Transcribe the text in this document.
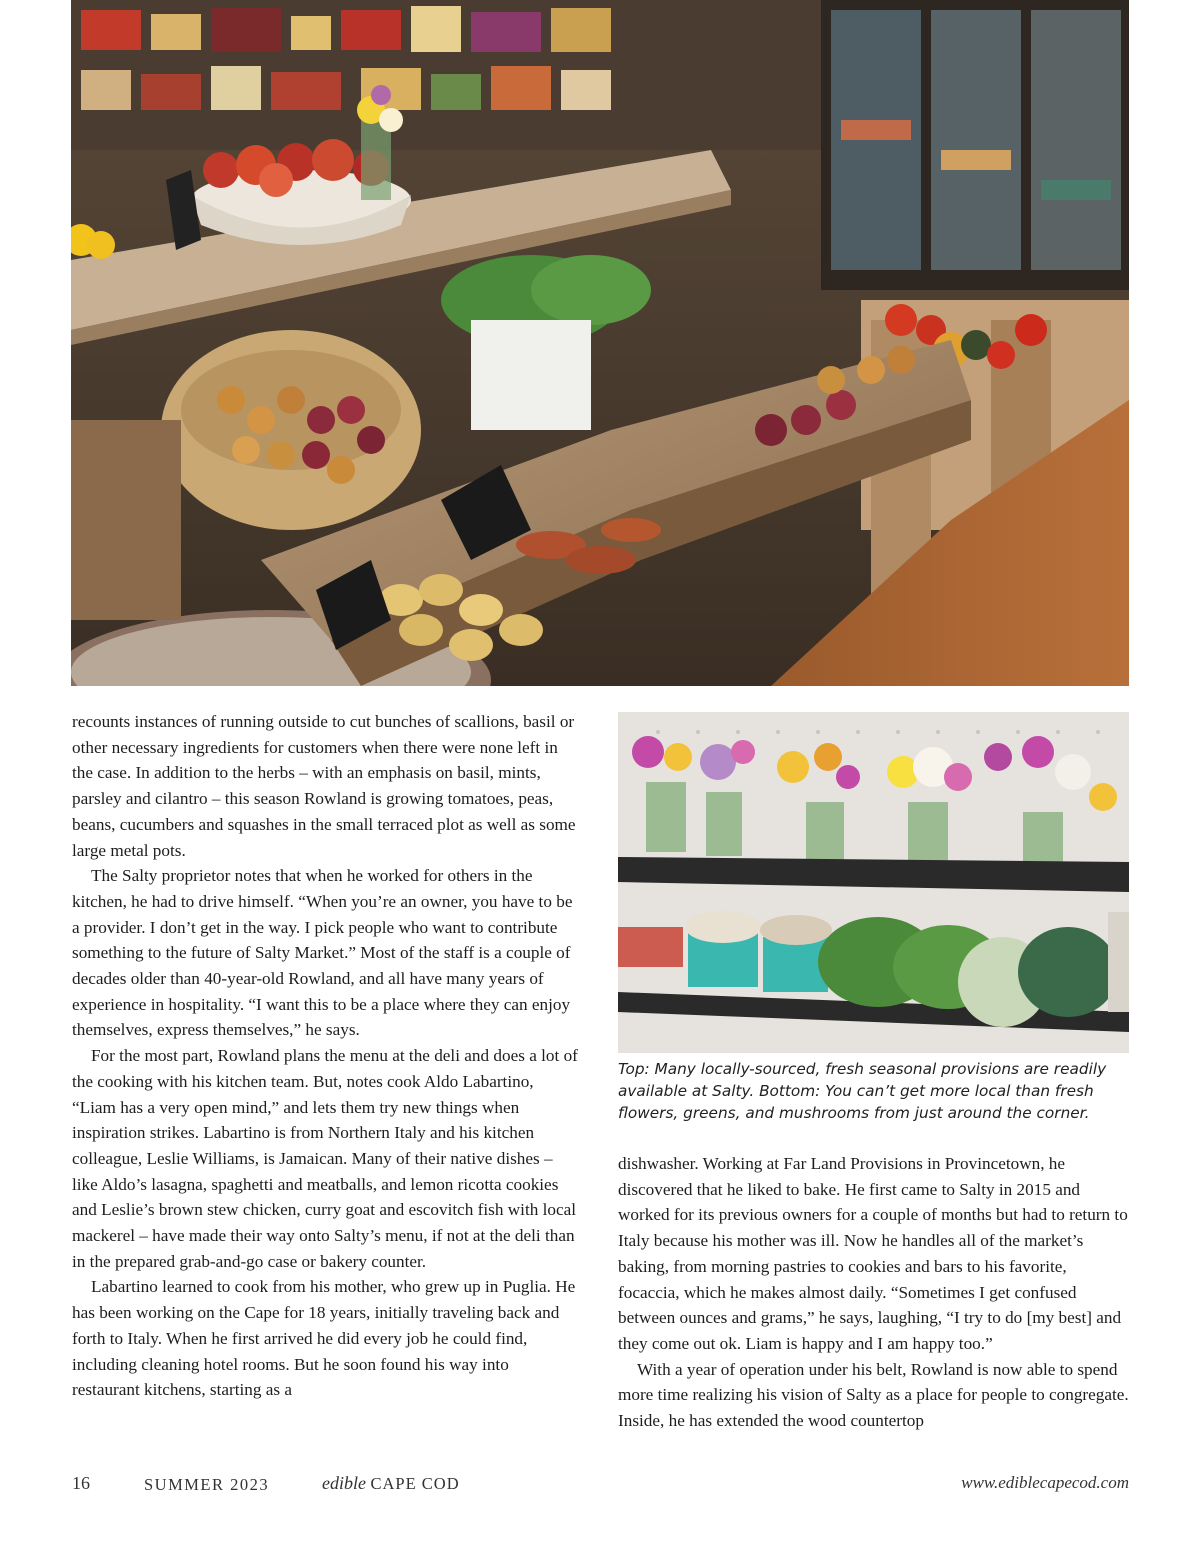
recounts instances of running outside to cut bunches of scallions, basil or other necessary ingredients for customers when there were none left in the case. In addition to the herbs – with an emphasis on basil, mints, parsley and cilantro – this season Rowland is growing tomatoes, peas, beans, cucumbers and squashes in the small terraced plot as well as some large metal pots.

The Salty proprietor notes that when he worked for others in the kitchen, he had to drive himself. “When you’re an owner, you have to be a provider. I don’t get in the way. I pick people who want to contribute something to the future of Salty Market.” Most of the staff is a couple of decades older than 40-year-old Rowland, and all have many years of experience in hospitality. “I want this to be a place where they can enjoy themselves, express themselves,” he says.

For the most part, Rowland plans the menu at the deli and does a lot of the cooking with his kitchen team. But, notes cook Aldo Labartino, “Liam has a very open mind,” and lets them try new things when inspiration strikes. Labartino is from Northern Italy and his kitchen colleague, Leslie Williams, is Jamaican. Many of their native dishes – like Aldo’s lasagna, spaghetti and meatballs, and lemon ricotta cookies and Leslie’s brown stew chicken, curry goat and escovitch fish with local mackerel – have made their way onto Salty’s menu, if not at the deli than in the prepared grab-and-go case or bakery counter.

Labartino learned to cook from his mother, who grew up in Puglia. He has been working on the Cape for 18 years, initially traveling back and forth to Italy. When he first arrived he did every job he could find, including cleaning hotel rooms. But he soon found his way into restaurant kitchens, starting as a

Top: Many locally-sourced, fresh seasonal provisions are readily available at Salty. Bottom: You can’t get more local than fresh flowers, greens, and mushrooms from just around the corner.

dishwasher. Working at Far Land Provisions in Provincetown, he discovered that he liked to bake. He first came to Salty in 2015 and worked for its previous owners for a couple of months but had to return to Italy because his mother was ill. Now he handles all of the market’s baking, from morning pastries to cookies and bars to his favorite, focaccia, which he makes almost daily. “Sometimes I get confused between ounces and grams,” he says, laughing, “I try to do [my best] and they come out ok. Liam is happy and I am happy too.”

With a year of operation under his belt, Rowland is now able to spend more time realizing his vision of Salty as a place for people to congregate. Inside, he has extended the wood countertop

16	SUMMER 2023	edible CAPE COD	www.ediblecapecod.com
